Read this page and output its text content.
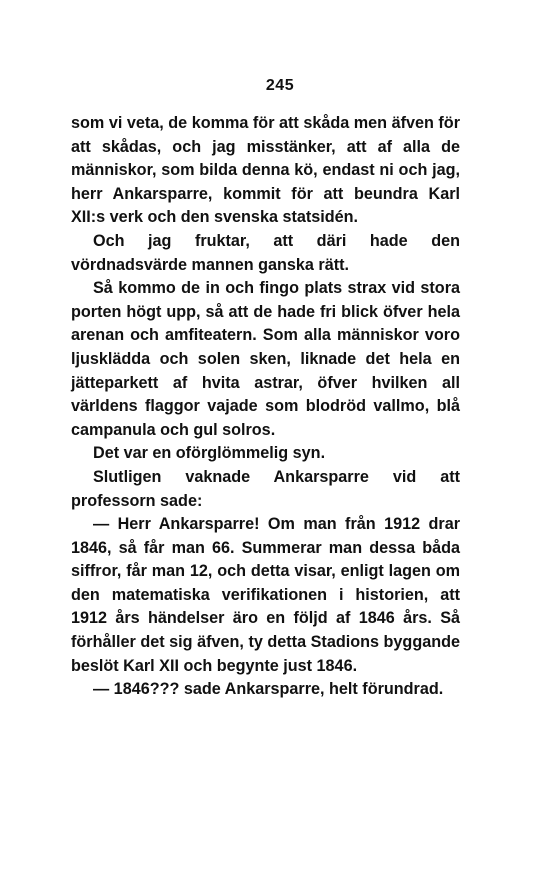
245

som vi veta, de komma för att skåda men äfven för att skådas, och jag misstänker, att af alla de människor, som bilda denna kö, endast ni och jag, herr Ankarsparre, kommit för att beundra Karl XII:s verk och den svenska statsidén.

Och jag fruktar, att däri hade den vördnadsvärde mannen ganska rätt.

Så kommo de in och fingo plats strax vid stora porten högt upp, så att de hade fri blick öfver hela arenan och amfiteatern. Som alla människor voro ljusklädda och solen sken, liknade det hela en jätteparkett af hvita astrar, öfver hvilken all världens flaggor vajade som blodröd vallmo, blå campanula och gul solros.

Det var en oförglömmelig syn.

Slutligen vaknade Ankarsparre vid att professorn sade:

— Herr Ankarsparre! Om man från 1912 drar 1846, så får man 66. Summerar man dessa båda siffror, får man 12, och detta visar, enligt lagen om den matematiska verifikationen i historien, att 1912 års händelser äro en följd af 1846 års. Så förhåller det sig äfven, ty detta Stadions byggande beslöt Karl XII och begynte just 1846.

— 1846??? sade Ankarsparre, helt förundrad.
